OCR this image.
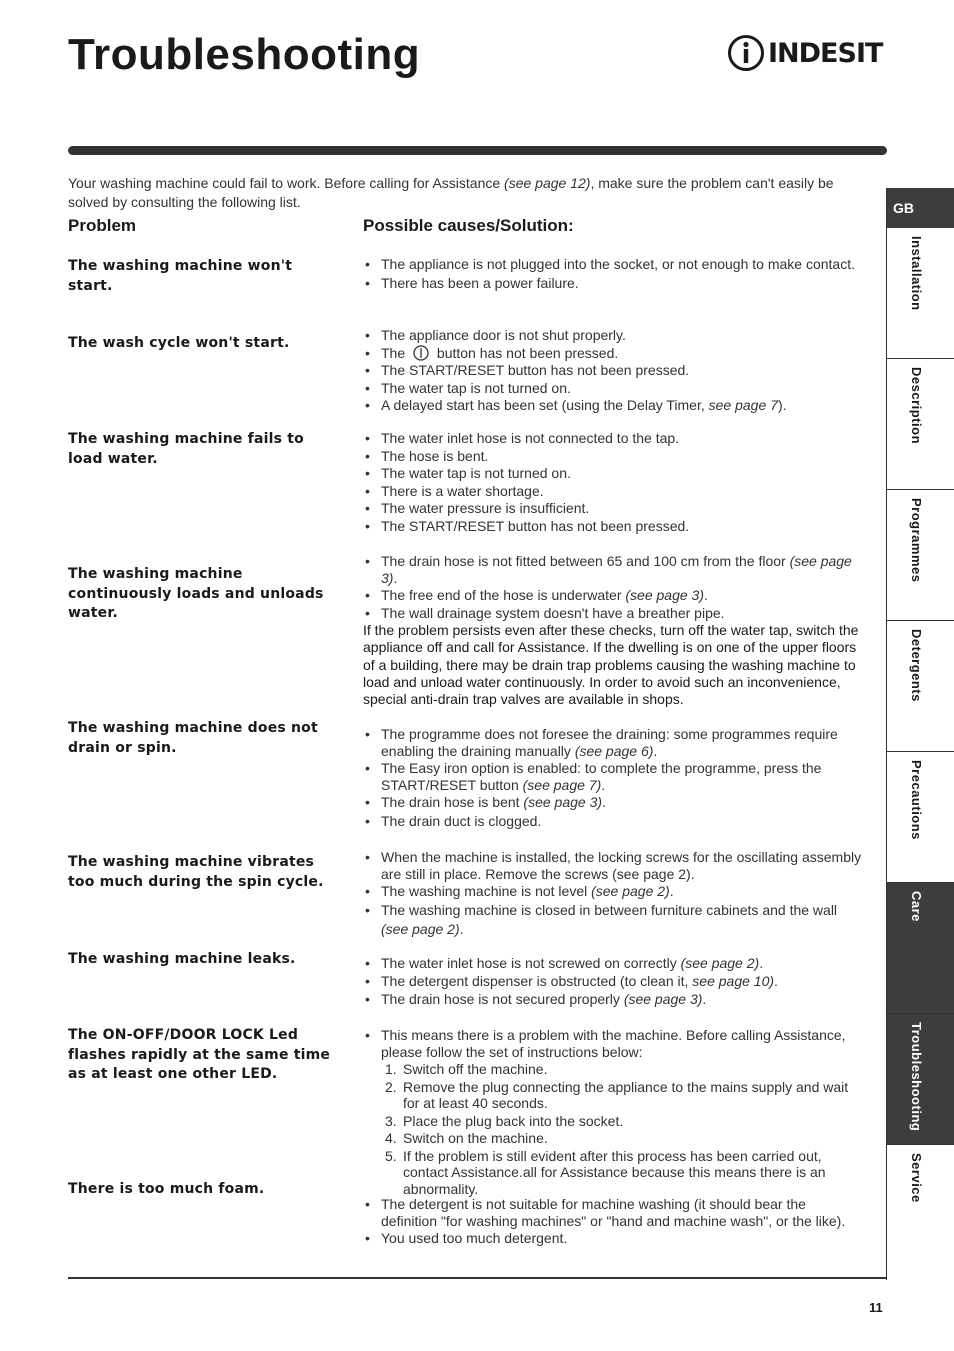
Troubleshooting	INDESIT
Your washing machine could fail to work. Before calling for Assistance (see page 12), make sure the problem can't easily be solved by consulting the following list.
Problem	Possible causes/Solution:
The washing machine won't start.
• The appliance is not plugged into the socket, or not enough to make contact.
• There has been a power failure.
The wash cycle won't start.	• The appliance door is not shut properly.
• The  button has not been pressed.
• The START/RESET button has not been pressed.
• The water tap is not turned on.
• A delayed start has been set (using the Delay Timer, see page 7).
The washing machine fails to load water.
• The water inlet hose is not connected to the tap.
• The hose is bent.
• The water tap is not turned on.
• There is a water shortage.
• The water pressure is insufficient.
• The START/RESET button has not been pressed.
The washing machine continuously loads and unloads water.
• The drain hose is not fitted between 65 and 100 cm from the floor (see page 3).
• The free end of the hose is underwater (see page 3).
• The wall drainage system doesn't have a breather pipe.

If the problem persists even after these checks, turn off the water tap, switch the appliance off and call for Assistance. If the dwelling is on one of the upper floors of a building, there may be drain trap problems causing the washing machine to load and unload water continuously. In order to avoid such an inconvenience, special anti-drain trap valves are available in shops.

The washing machine does not drain or spin.
• The programme does not foresee the draining: some programmes require enabling the draining manually (see page 6).
• The Easy iron option is enabled: to complete the programme, press the START/RESET button (see page 7).
• The drain hose is bent (see page 3).
• The drain duct is clogged.
The washing machine vibrates too much during the spin cycle.
• When the machine is installed, the locking screws for the oscillating assembly are still in place. Remove the screws (see page 2).
• The washing machine is not level (see page 2).
• The washing machine is closed in between furniture cabinets and the wall (see page 2).
The washing machine leaks.	• The water inlet hose is not screwed on correctly (see page 2).
• The detergent dispenser is obstructed (to clean it, see page 10).
• The drain hose is not secured properly (see page 3).
The ON-OFF/DOOR LOCK Led flashes rapidly at the same time as at least one other LED.
• This means there is a problem with the machine. Before calling Assistance, please follow the set of instructions below:
1. Switch off the machine.
2. Remove the plug connecting the appliance to the mains supply and wait for at least 40 seconds.
3. Place the plug back into the socket.
4. Switch on the machine.
5. If the problem is still evident after this process has been carried out, contact Assistance.all for Assistance because this means there is an abnormality.
There is too much foam.
• The detergent is not suitable for machine washing (it should bear the definition "for washing machines" or "hand and machine wash", or the like).
• You used too much detergent.
GB
Installation
Description
Programmes
Detergents
Precautions
Care
Troubleshooting
Service
11
